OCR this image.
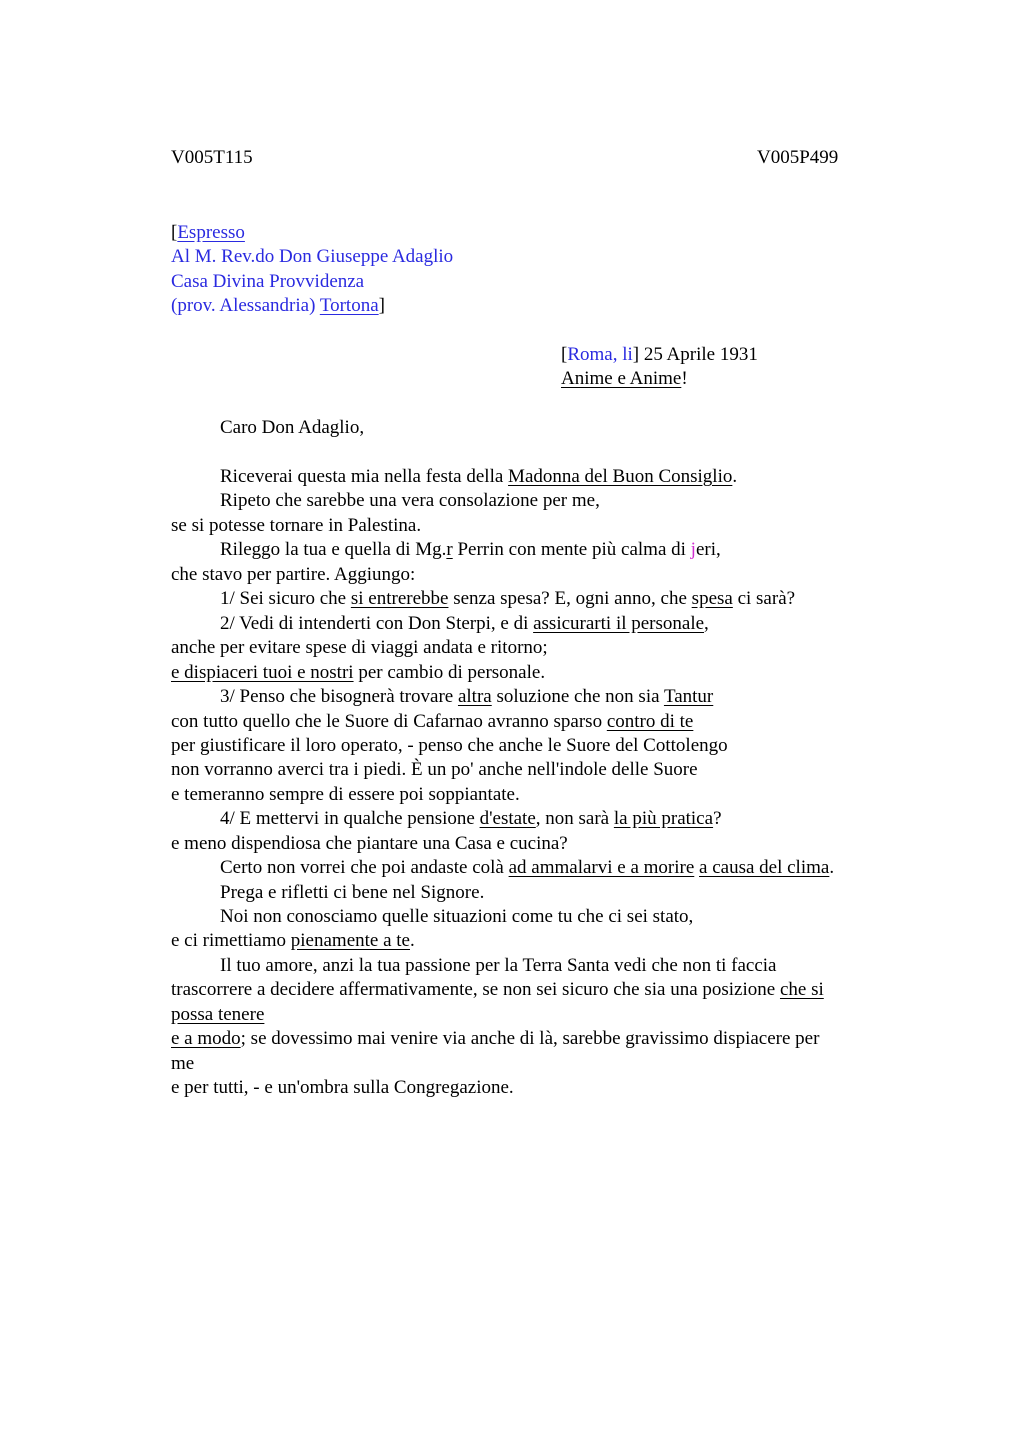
V005T115
[Espresso
Al M. Rev.do Don Giuseppe Adaglio
Casa Divina Provvidenza
(prov. Alessandria) Tortona]
[Roma, li] 25 Aprile 1931
Anime e Anime!
Caro Don Adaglio,
Riceverai questa mia nella festa della Madonna del Buon Consiglio.
Ripeto che sarebbe una vera consolazione per me,
se si potesse tornare in Palestina.
Rileggo la tua e quella di Mg.r Perrin con mente più calma di jeri,
che stavo per partire. Aggiungo:
1/ Sei sicuro che si entrerebbe senza spesa? E, ogni anno, che spesa ci sarà?
2/ Vedi di intenderti con Don Sterpi, e di assicurarti il personale,
anche per evitare spese di viaggi andata e ritorno;
e dispiaceri tuoi e nostri per cambio di personale.
3/ Penso che bisognerà trovare altra soluzione che non sia Tantur
con tutto quello che le Suore di Cafarnao avranno sparso contro di te
per giustificare il loro operato, - penso che anche le Suore del Cottolengo
non vorranno averci tra i piedi. È un po' anche nell'indole delle Suore
e temeranno sempre di essere poi soppiantate.
4/ E mettervi in qualche pensione d'estate, non sarà la più pratica?
e meno dispendiosa che piantare una Casa e cucina?
Certo non vorrei che poi andaste colà ad ammalarvi e a morire a causa del clima.
Prega e rifletti ci bene nel Signore.
Noi non conosciamo quelle situazioni come tu che ci sei stato,
e ci rimettiamo pienamente a te.
Il tuo amore, anzi la tua passione per la Terra Santa vedi che non ti faccia
trascorrere a decidere affermativamente, se non sei sicuro che sia una posizione che si
possa tenere
e a modo; se dovessimo mai venire via anche di là, sarebbe gravissimo dispiacere per
me
e per tutti, - e un'ombra sulla Congregazione.
V005P499
